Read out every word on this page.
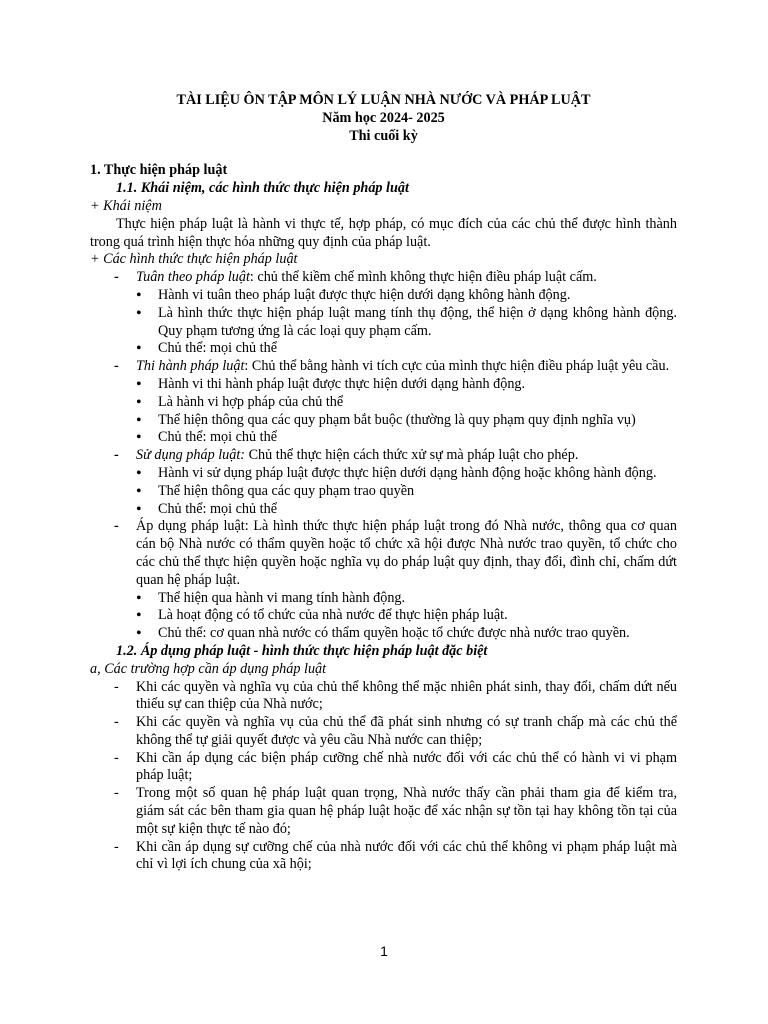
TÀI LIỆU ÔN TẬP MÔN LÝ LUẬN NHÀ NƯỚC VÀ PHÁP LUẬT
Năm học 2024- 2025
Thi cuối kỳ
1. Thực hiện pháp luật
1.1. Khái niệm, các hình thức thực hiện pháp luật
+ Khái niệm
Thực hiện pháp luật là hành vi thực tế, hợp pháp, có mục đích của các chủ thể được hình thành trong quá trình hiện thực hóa những quy định của pháp luật.
+ Các hình thức thực hiện pháp luật
- Tuân theo pháp luật: chủ thể kiềm chế mình không thực hiện điều pháp luật cấm.
• Hành vi tuân theo pháp luật được thực hiện dưới dạng không hành động.
• Là hình thức thực hiện pháp luật mang tính thụ động, thể hiện ở dạng không hành động. Quy phạm tương ứng là các loại quy phạm cấm.
• Chủ thể: mọi chủ thể
- Thi hành pháp luật: Chủ thể bằng hành vi tích cực của mình thực hiện điều pháp luật yêu cầu.
• Hành vi thi hành pháp luật được thực hiện dưới dạng hành động.
• Là hành vi hợp pháp của chủ thể
• Thể hiện thông qua các quy phạm bắt buộc (thường là quy phạm quy định nghĩa vụ)
• Chủ thể: mọi chủ thể
- Sử dụng pháp luật: Chủ thể thực hiện cách thức xử sự mà pháp luật cho phép.
• Hành vi sử dụng pháp luật được thực hiện dưới dạng hành động hoặc không hành động.
• Thể hiện thông qua các quy phạm trao quyền
• Chủ thể: mọi chủ thể
- Áp dụng pháp luật: Là hình thức thực hiện pháp luật trong đó Nhà nước, thông qua cơ quan cán bộ Nhà nước có thẩm quyền hoặc tổ chức xã hội được Nhà nước trao quyền, tổ chức cho các chủ thể thực hiện quyền hoặc nghĩa vụ do pháp luật quy định, thay đổi, đình chỉ, chấm dứt quan hệ pháp luật.
• Thể hiện qua hành vi mang tính hành động.
• Là hoạt động có tổ chức của nhà nước để thực hiện pháp luật.
• Chủ thể: cơ quan nhà nước có thẩm quyền hoặc tổ chức được nhà nước trao quyền.
1.2. Áp dụng pháp luật - hình thức thực hiện pháp luật đặc biệt
a, Các trường hợp cần áp dụng pháp luật
- Khi các quyền và nghĩa vụ của chủ thể không thể mặc nhiên phát sinh, thay đổi, chấm dứt nếu thiếu sự can thiệp của Nhà nước;
- Khi các quyền và nghĩa vụ của chủ thể đã phát sinh nhưng có sự tranh chấp mà các chủ thể không thể tự giải quyết được và yêu cầu Nhà nước can thiệp;
- Khi cần áp dụng các biện pháp cưỡng chế nhà nước đối với các chủ thể có hành vi vi phạm pháp luật;
- Trong một số quan hệ pháp luật quan trọng, Nhà nước thấy cần phải tham gia để kiểm tra, giám sát các bên tham gia quan hệ pháp luật hoặc để xác nhận sự tồn tại hay không tồn tại của một sự kiện thực tế nào đó;
- Khi cần áp dụng sự cưỡng chế của nhà nước đối với các chủ thể không vi phạm pháp luật mà chỉ vì lợi ích chung của xã hội;
1
